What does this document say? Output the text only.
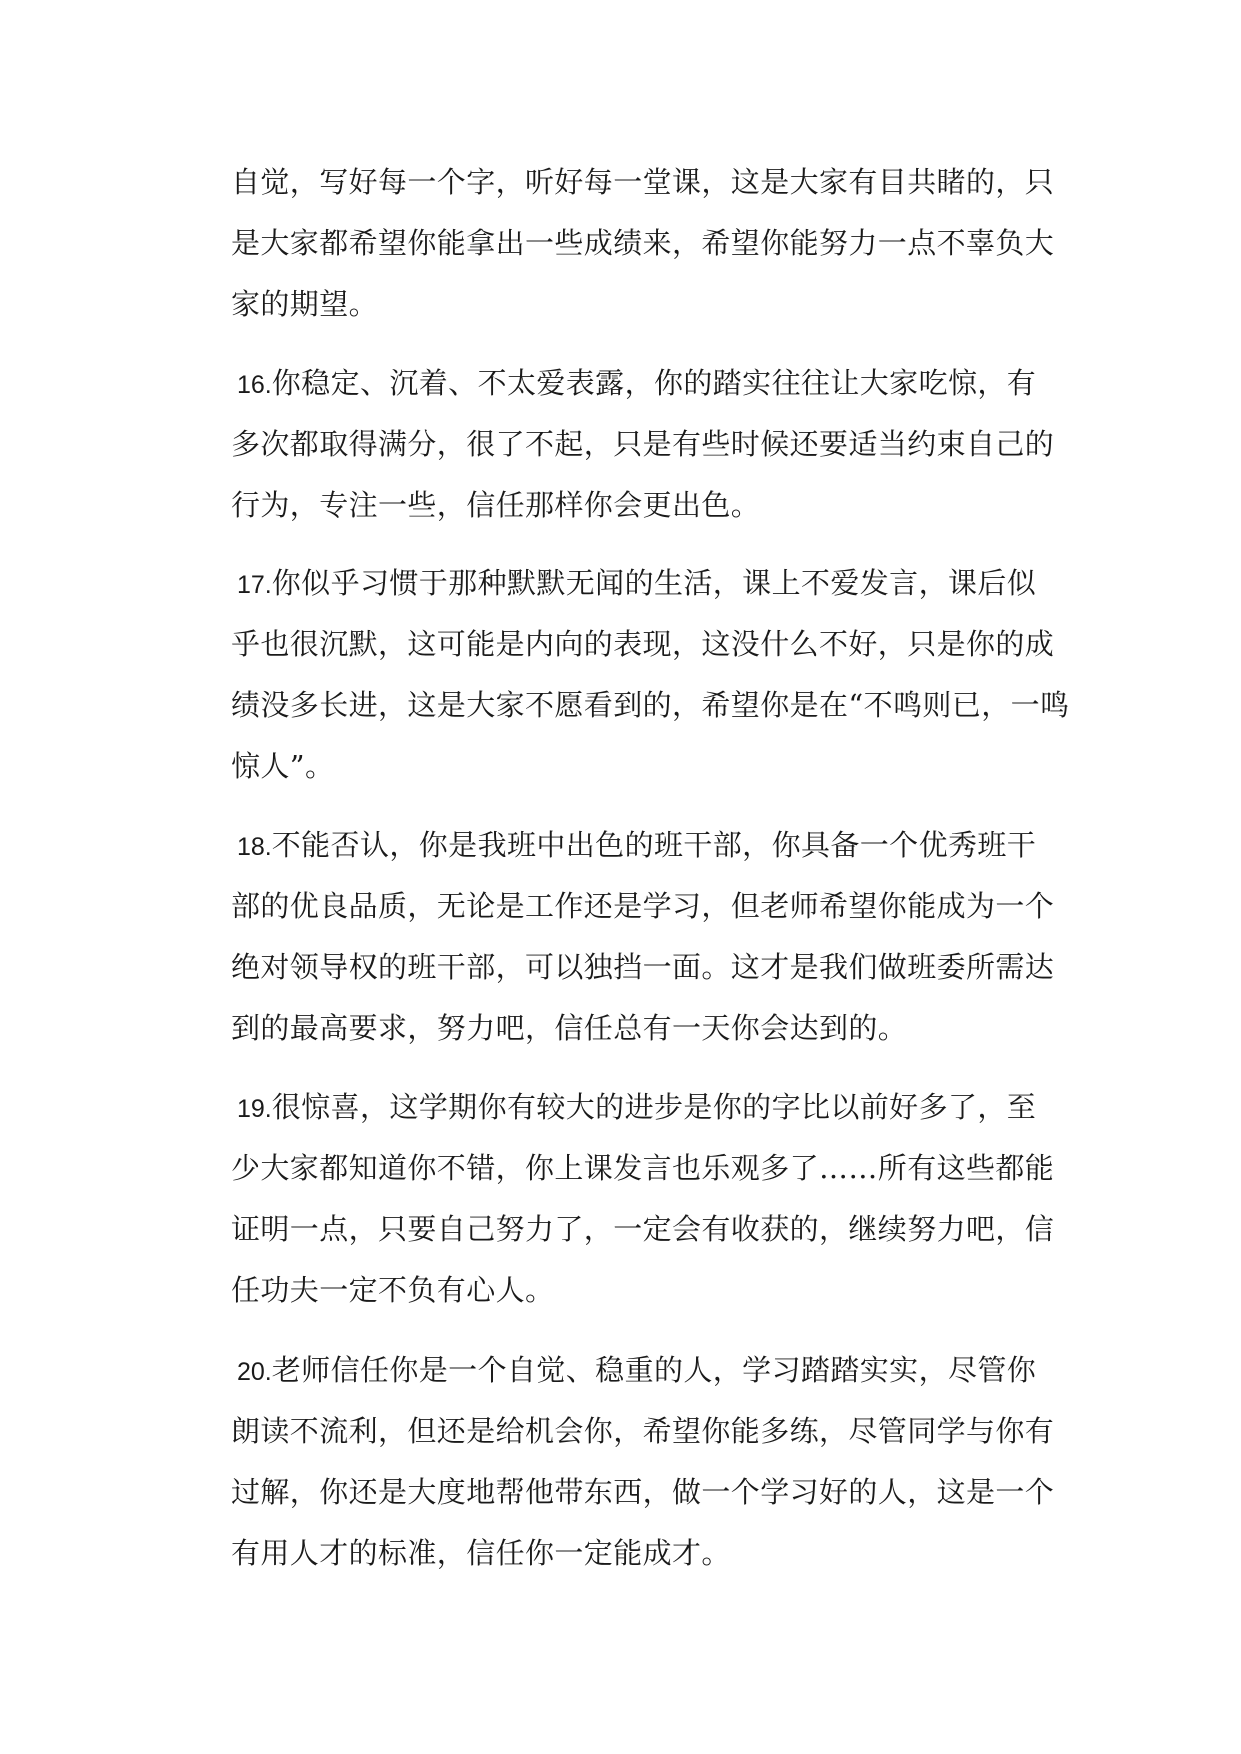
自觉，写好每一个字，听好每一堂课，这是大家有目共睹的，只
是大家都希望你能拿出一些成绩来，希望你能努力一点不辜负大
家的期望。
16.你稳定、沉着、不太爱表露，你的踏实往往让大家吃惊，有
多次都取得满分，很了不起，只是有些时候还要适当约束自己的
行为，专注一些，信任那样你会更出色。
17.你似乎习惯于那种默默无闻的生活，课上不爱发言，课后似
乎也很沉默，这可能是内向的表现，这没什么不好，只是你的成
绩没多长进，这是大家不愿看到的，希望你是在“不鸣则已，一鸣
惊人”。
18.不能否认，你是我班中出色的班干部，你具备一个优秀班干
部的优良品质，无论是工作还是学习，但老师希望你能成为一个
绝对领导权的班干部，可以独挡一面。这才是我们做班委所需达
到的最高要求，努力吧，信任总有一天你会达到的。
19.很惊喜，这学期你有较大的进步是你的字比以前好多了，至
少大家都知道你不错，你上课发言也乐观多了……所有这些都能
证明一点，只要自己努力了，一定会有收获的，继续努力吧，信
任功夫一定不负有心人。
20.老师信任你是一个自觉、稳重的人，学习踏踏实实，尽管你
朗读不流利，但还是给机会你，希望你能多练，尽管同学与你有
过解，你还是大度地帮他带东西，做一个学习好的人，这是一个
有用人才的标准，信任你一定能成才。
